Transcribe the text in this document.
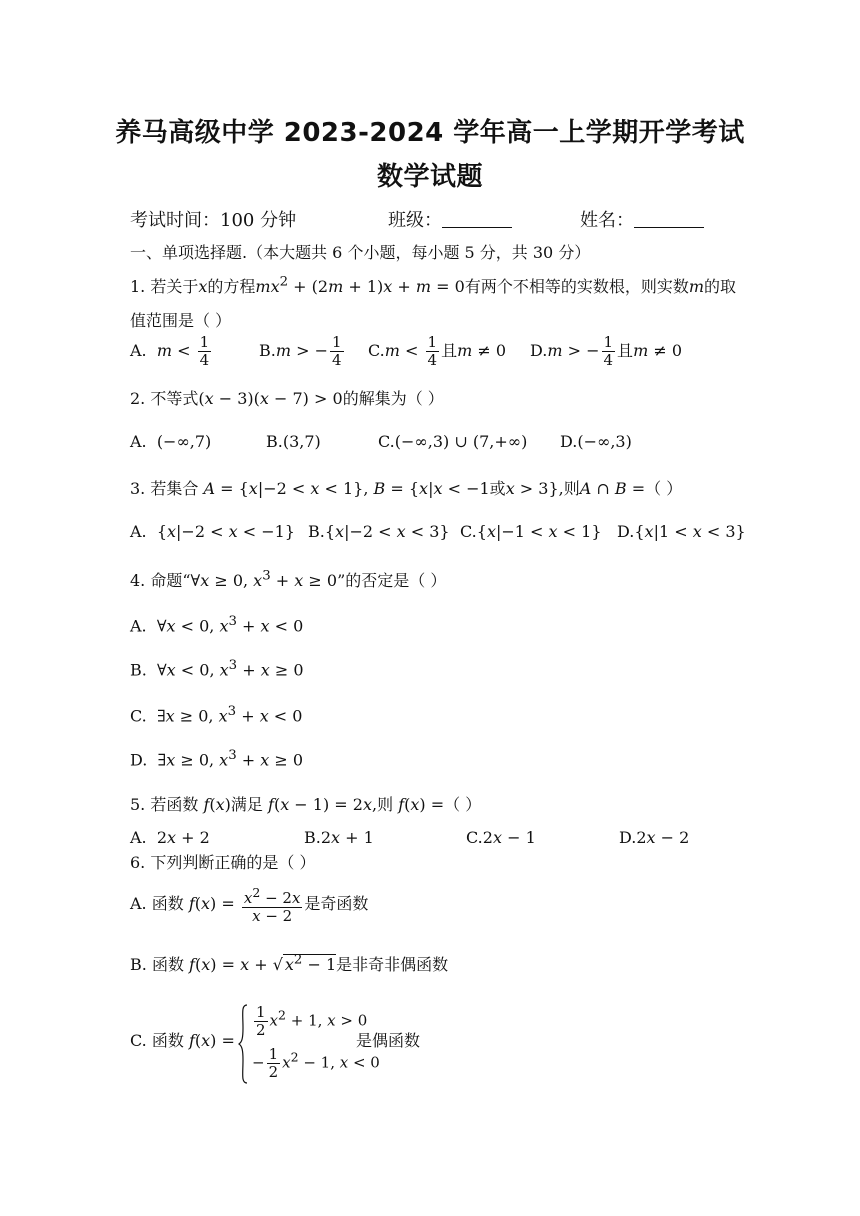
养马高级中学 2023-2024 学年高一上学期开学考试
数学试题
考试时间：100 分钟	班级：	姓名：
一、单项选择题.（本大题共 6 个小题，每小题 5 分，共 30 分）
1. 若关于x的方程$mx^2 + (2m + 1)x + m = 0$有两个不相等的实数根，则实数m的取
值范围是（ ）
A. $m < \frac{1}{4}$	B.m > − $\frac{1}{4} C.m < \frac{1}{4}$ 且m ≠ 0 D.m > − $\frac{1}{4}$ 且m ≠ 0
2. 不等式(x − 3)(x − 7) > 0的解集为（ ）
A.  (−∞,7)	B.(3,7)	C.(−∞,3) ∪ (7,+∞) D.(−∞,3)
3. 若集合 A = {x|−2 < x < 1}, B = {x|x < −1或x > 3},则A ∩ B =（ ）
A.  {x|−2 < x < −1} B.{x|−2 < x < 3} C.{x|−1 < x < 1} D.{x|1 < x < 3}
4. 命题“∀x ≥ 0, $x^3 + x \ge 0$”的否定是（ ）
A.  ∀x < 0, $x^3 + x < 0$
B.  ∀x < 0, $x^3 + x \ge 0$
C.  ∃x ≥ 0, $x^3 + x < 0$
D.  ∃x ≥ 0, $x^3 + x \ge 0$
5. 若函数 f(x)满足 f(x − 1) = 2x,则 f(x) =（ ）
A.  2x + 2	B.2x + 1	C.2x − 1	D.2x − 2
6. 下列判断正确的是（ ）
A. 函数 $f(x) = \frac{x^2 - 2x}{x - 2}$ 是奇函数
B. 函数 f(x) = x + √ $x^2 - 1$是非奇非偶函数
C. 函数 f(x) =
$\frac{1}{2} x^2 + 1$, x > 0
− $\frac{1}{2} x^2 - 1$, x < 0
是偶函数
